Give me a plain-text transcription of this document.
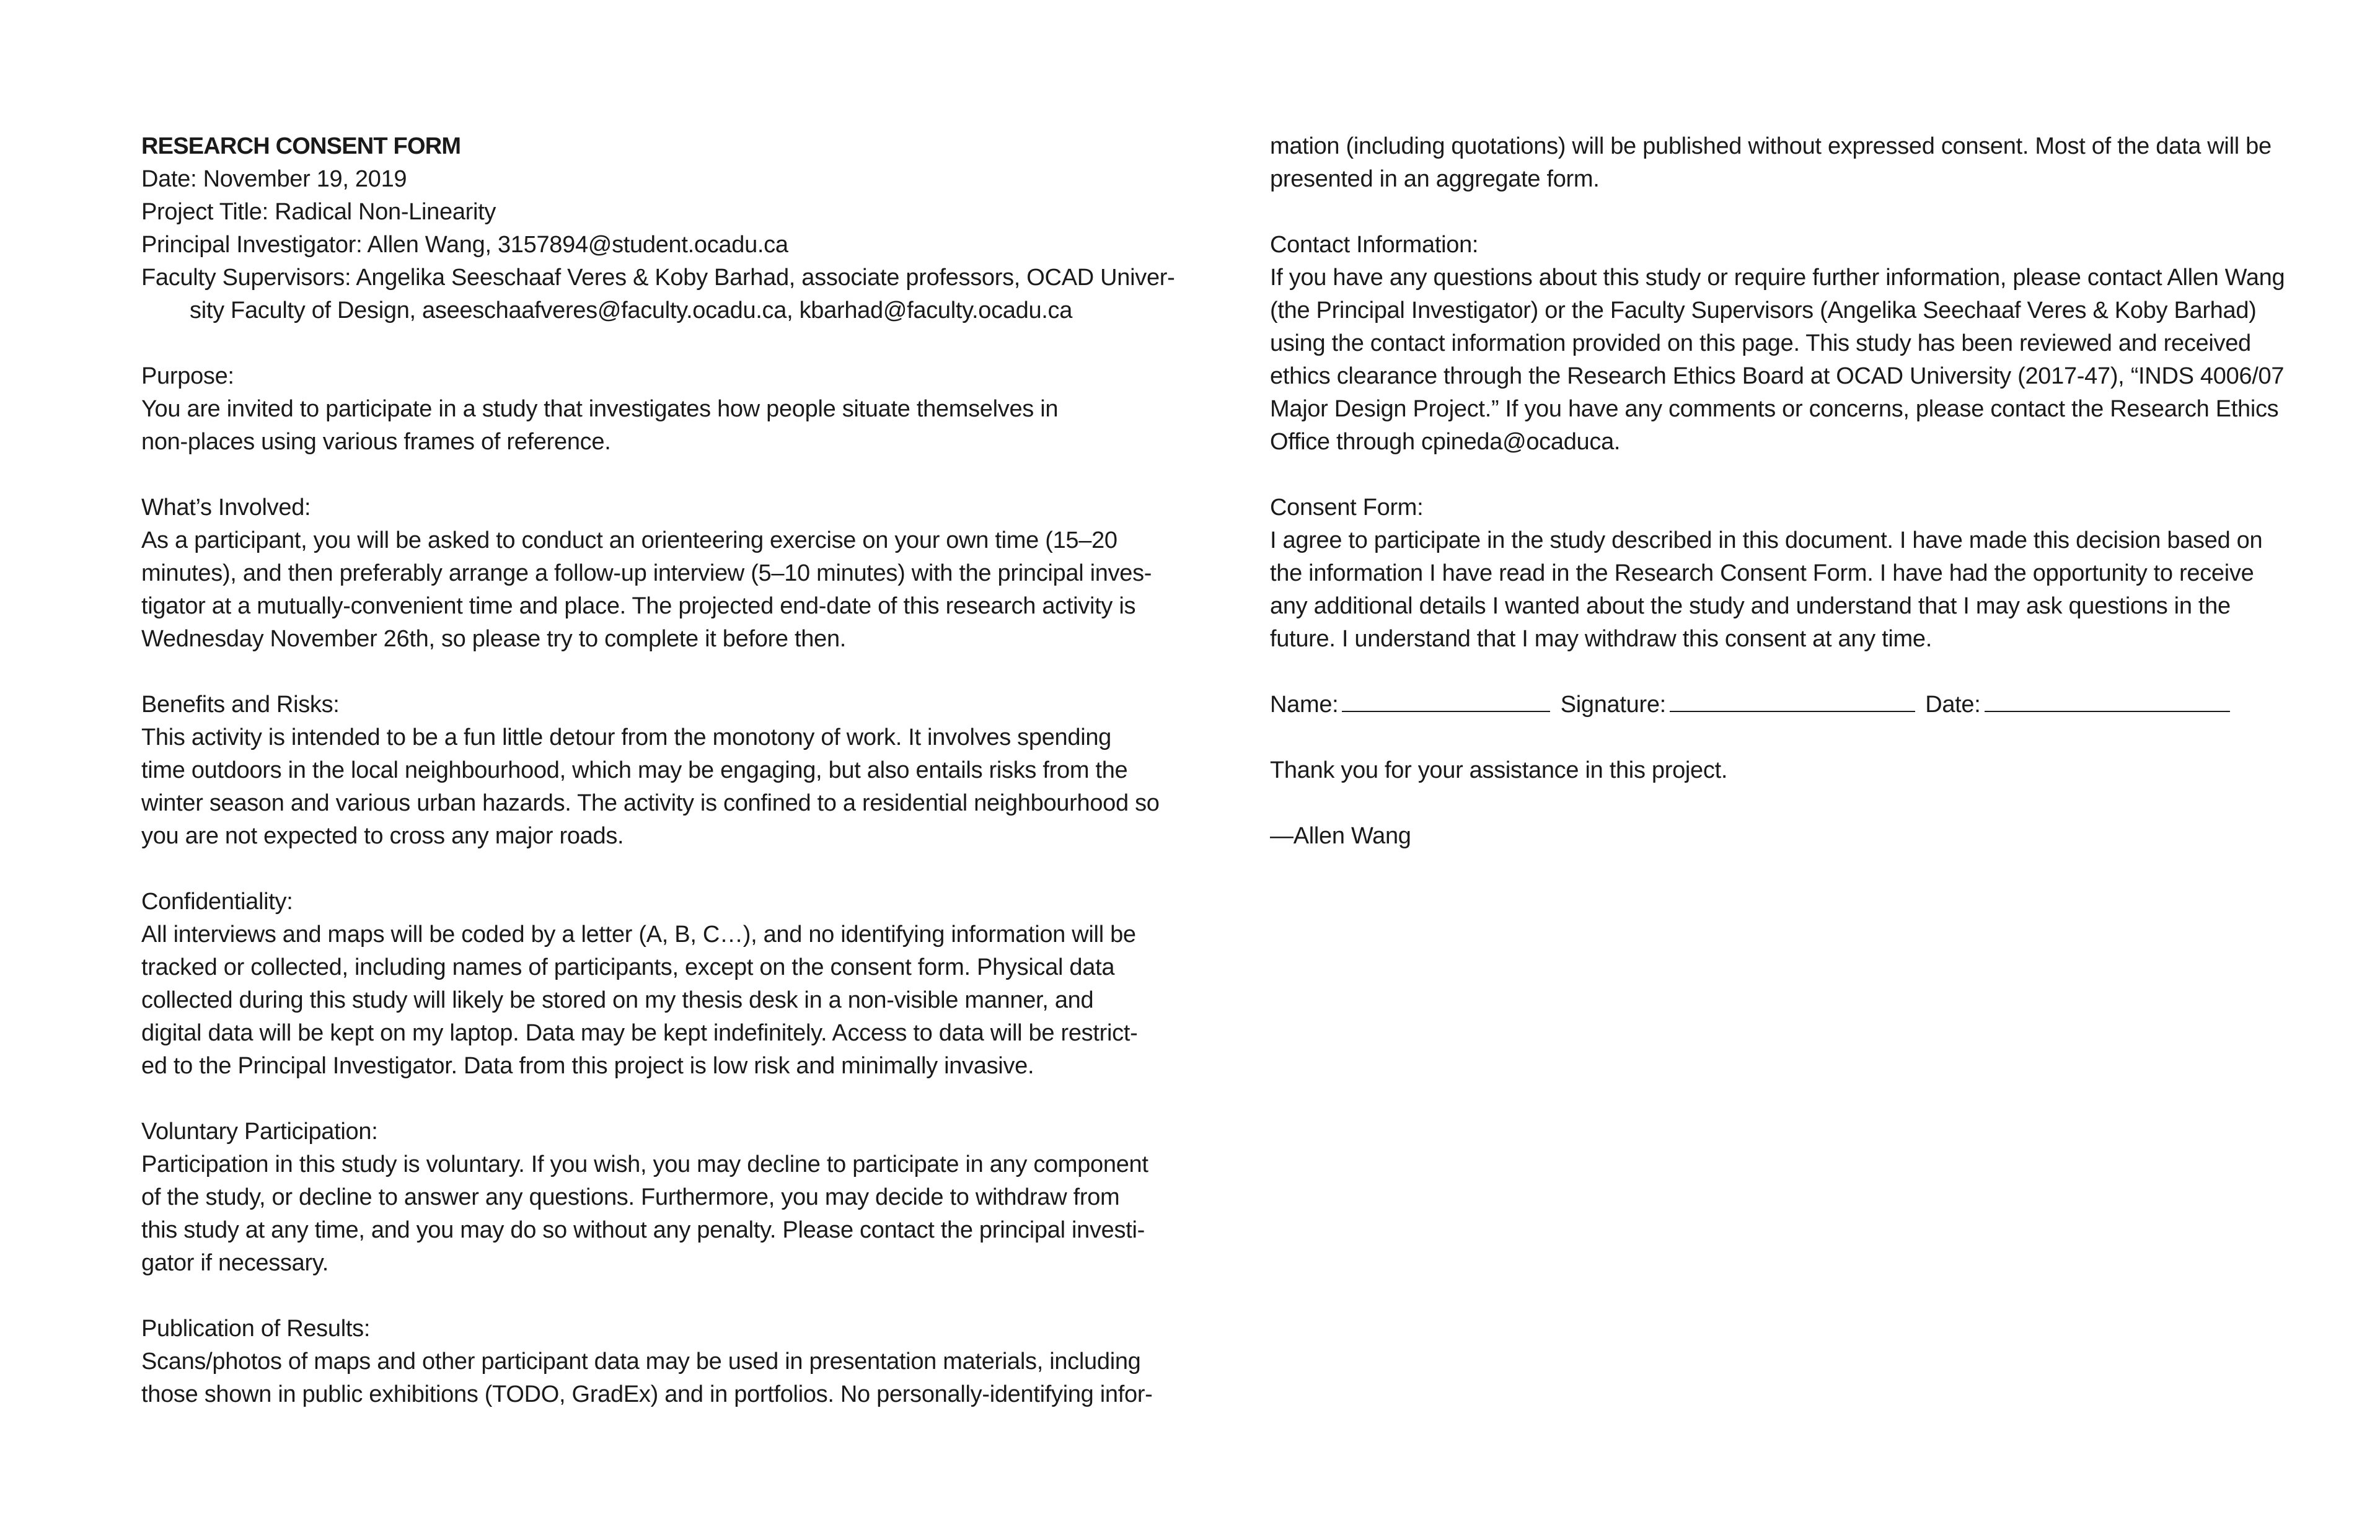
RESEARCH CONSENT FORM
Date: November 19, 2019
Project Title: Radical Non-Linearity
Principal Investigator: Allen Wang, 3157894@student.ocadu.ca
Faculty Supervisors: Angelika Seeschaaf Veres & Koby Barhad, associate professors, OCAD Univer-
sity Faculty of Design, aseeschaafveres@faculty.ocadu.ca, kbarhad@faculty.ocadu.ca
Purpose:
You are invited to participate in a study that investigates how people situate themselves in
non-places using various frames of reference.
What’s Involved:
As a participant, you will be asked to conduct an orienteering exercise on your own time (15–20
minutes), and then preferably arrange a follow-up interview (5–10 minutes) with the principal inves-
tigator at a mutually-convenient time and place. The projected end-date of this research activity is
Wednesday November 26th, so please try to complete it before then.
Benefits and Risks:
This activity is intended to be a fun little detour from the monotony of work. It involves spending
time outdoors in the local neighbourhood, which may be engaging, but also entails risks from the
winter season and various urban hazards. The activity is confined to a residential neighbourhood so
you are not expected to cross any major roads.
Confidentiality:
All interviews and maps will be coded by a letter (A, B, C…), and no identifying information will be
tracked or collected, including names of participants, except on the consent form. Physical data
collected during this study will likely be stored on my thesis desk in a non-visible manner, and
digital data will be kept on my laptop. Data may be kept indefinitely. Access to data will be restrict-
ed to the Principal Investigator. Data from this project is low risk and minimally invasive.
Voluntary Participation:
Participation in this study is voluntary. If you wish, you may decline to participate in any component
of the study, or decline to answer any questions. Furthermore, you may decide to withdraw from
this study at any time, and you may do so without any penalty. Please contact the principal investi-
gator if necessary.
Publication of Results:
Scans/photos of maps and other participant data may be used in presentation materials, including
those shown in public exhibitions (TODO, GradEx) and in portfolios. No personally-identifying infor-
mation (including quotations) will be published without expressed consent. Most of the data will be
presented in an aggregate form.
Contact Information:
If you have any questions about this study or require further information, please contact Allen Wang
(the Principal Investigator) or the Faculty Supervisors (Angelika Seechaaf Veres & Koby Barhad)
using the contact information provided on this page. This study has been reviewed and received
ethics clearance through the Research Ethics Board at OCAD University (2017-47), “INDS 4006/07
Major Design Project.” If you have any comments or concerns, please contact the Research Ethics
Office through cpineda@ocaduca.
Consent Form:
I agree to participate in the study described in this document. I have made this decision based on
the information I have read in the Research Consent Form. I have had the opportunity to receive
any additional details I wanted about the study and understand that I may ask questions in the
future. I understand that I may withdraw this consent at any time.
Name:	Signature:	Date:
Thank you for your assistance in this project.
—Allen Wang
